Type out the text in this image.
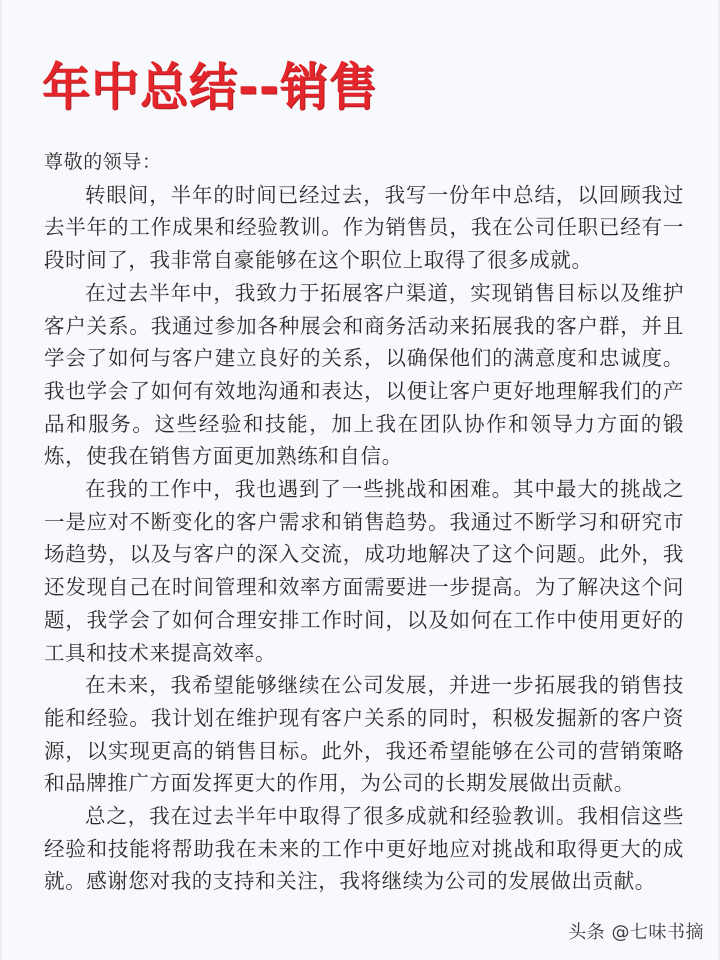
年中总结--销售

尊敬的领导：

转眼间，半年的时间已经过去，我写一份年中总结，以回顾我过去半年的工作成果和经验教训。作为销售员，我在公司任职已经有一段时间了，我非常自豪能够在这个职位上取得了很多成就。

在过去半年中，我致力于拓展客户渠道，实现销售目标以及维护客户关系。我通过参加各种展会和商务活动来拓展我的客户群，并且学会了如何与客户建立良好的关系，以确保他们的满意度和忠诚度。我也学会了如何有效地沟通和表达，以便让客户更好地理解我们的产品和服务。这些经验和技能，加上我在团队协作和领导力方面的锻炼，使我在销售方面更加熟练和自信。

在我的工作中，我也遇到了一些挑战和困难。其中最大的挑战之一是应对不断变化的客户需求和销售趋势。我通过不断学习和研究市场趋势，以及与客户的深入交流，成功地解决了这个问题。此外，我还发现自己在时间管理和效率方面需要进一步提高。为了解决这个问题，我学会了如何合理安排工作时间，以及如何在工作中使用更好的工具和技术来提高效率。

在未来，我希望能够继续在公司发展，并进一步拓展我的销售技能和经验。我计划在维护现有客户关系的同时，积极发掘新的客户资源，以实现更高的销售目标。此外，我还希望能够在公司的营销策略和品牌推广方面发挥更大的作用，为公司的长期发展做出贡献。

总之，我在过去半年中取得了很多成就和经验教训。我相信这些经验和技能将帮助我在未来的工作中更好地应对挑战和取得更大的成就。感谢您对我的支持和关注，我将继续为公司的发展做出贡献。

头条 @七味书摘
